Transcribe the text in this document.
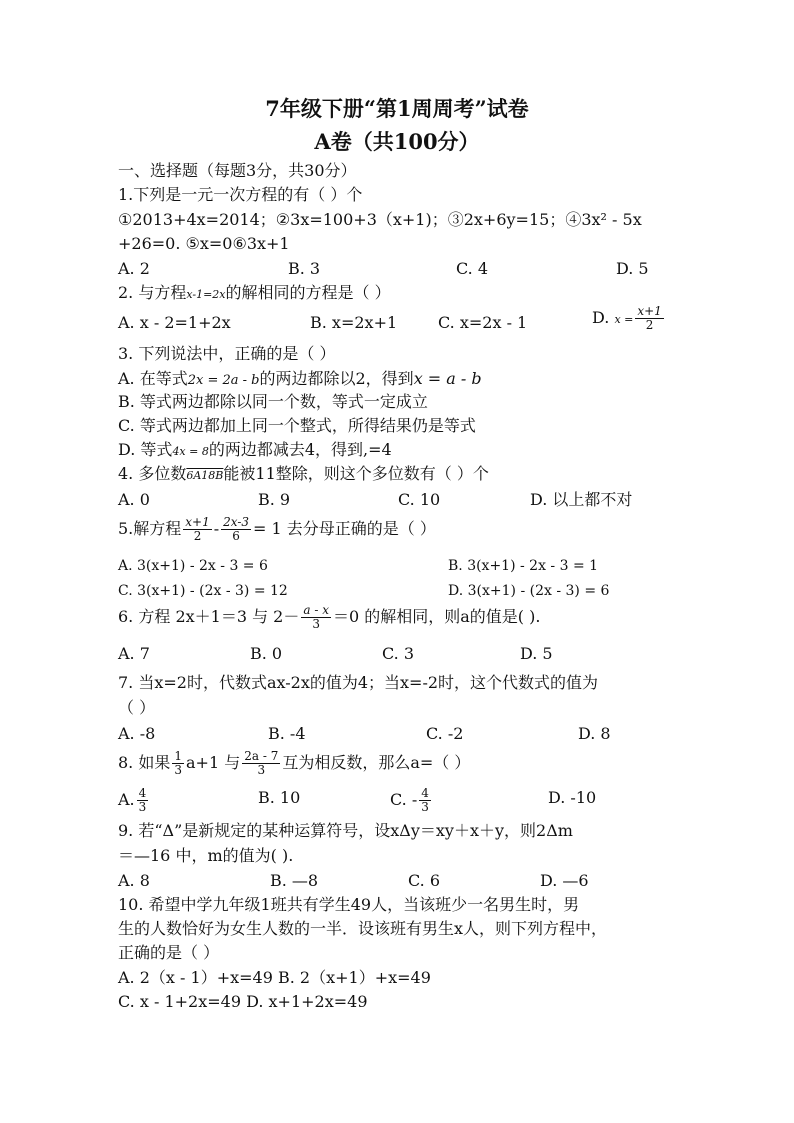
7年级下册“第1周周考”试卷
A卷（共100分）
一、选择题（每题3分，共30分）
1.下列是一元一次方程的有（ ）个
①2013+4x=2014；②3x=100+3（x+1)；③2x+6y=15；④3x² - 5x
+26=0. ⑤x=0⑥3x+1
A. 2	B. 3	C. 4	D. 5
2. 与方程x-1=2x的解相同的方程是（ ）
A. x - 2=1+2x	B. x=2x+1	C. x=2x - 1	D. $x = \frac{x+1}{2}$
3. 下列说法中，正确的是（ ）
A. 在等式2x = 2a - b的两边都除以2，得到x = a - b
B. 等式两边都除以同一个数，等式一定成立
C. 等式两边都加上同一个整式，所得结果仍是等式
D. 等式4x = 8的两边都减去4，得到,=4
4. 多位数6A18B能被11整除，则这个多位数有（ ）个
A. 0	B. 9	C. 10	D. 以上都不对
5.解方程 $\frac{x+1}{2} - \frac{2x-3}{6} = 1$ 去分母正确的是（ ）
A. 3(x+1) - 2x - 3 = 6	B. 3(x+1) - 2x - 3 = 1
C. 3(x+1) - (2x - 3) = 12	D. 3(x+1) - (2x - 3) = 6
6. 方程 2x＋1＝3 与 $2- \frac{a - x}{3} =0$ 的解相同，则a的值是( ).
A. 7	B. 0	C. 3	D. 5
7. 当x=2时，代数式ax-2x的值为4；当x=-2时，这个代数式的值为
（ ）
A. -8	B. -4	C. -2	D. 8
8. 如果 $\frac{1}{3} a+1$ 与 $\frac{2a - 7}{3}$ 互为相反数，那么a=（ ）
A. $\frac{4}{3}$	B. 10	C. - $\frac{4}{3}$	D. -10
9. 若“Δ”是新规定的某种运算符号，设xΔy＝xy＋x＋y，则2Δm
＝—16 中，m的值为( ).
A. 8	B. —8	C. 6	D. —6
10. 希望中学九年级1班共有学生49人，当该班少一名男生时，男
生的人数恰好为女生人数的一半．设该班有男生x人，则下列方程中，
正确的是（ ）
A. 2（x - 1）+x=49 B. 2（x+1）+x=49
C. x - 1+2x=49 D. x+1+2x=49
